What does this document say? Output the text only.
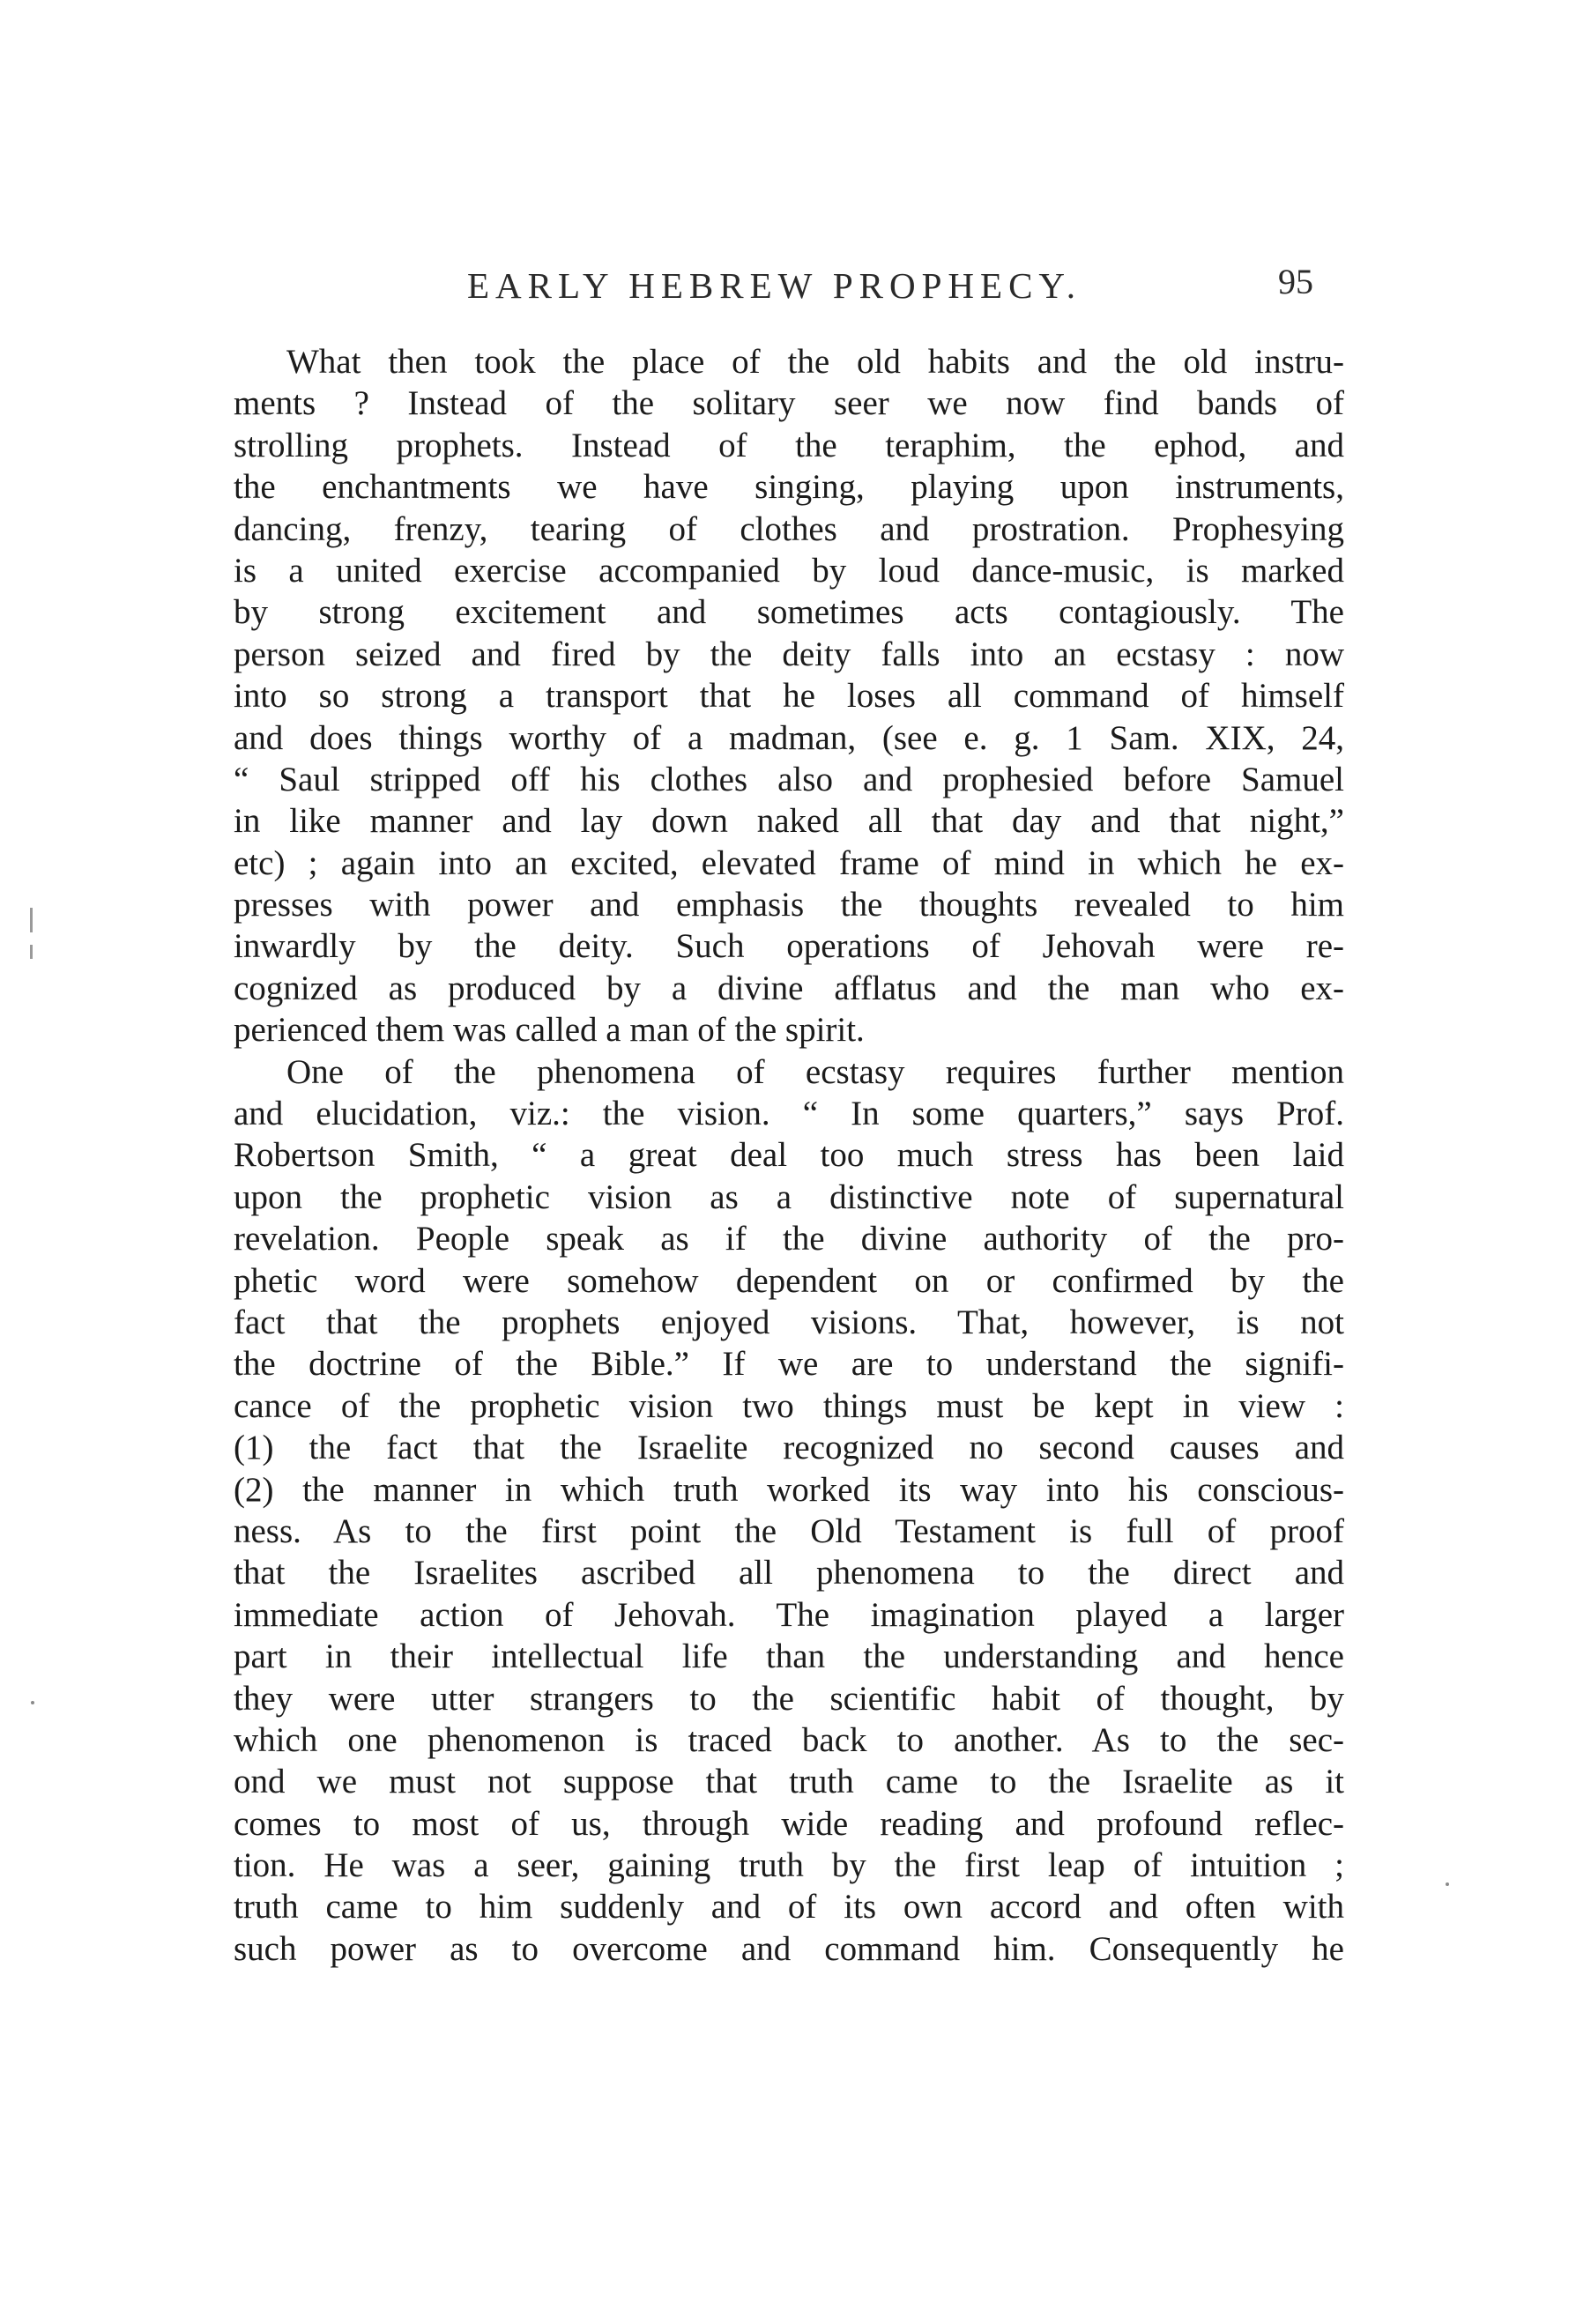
EARLY HEBREW PROPHECY.	95
What then took the place of the old habits and the old instru-
ments ? Instead of the solitary seer we now find bands of
strolling prophets. Instead of the teraphim, the ephod, and
the enchantments we have singing, playing upon instruments,
dancing, frenzy, tearing of clothes and prostration. Prophesying
is a united exercise accompanied by loud dance-music, is marked
by strong excitement and sometimes acts contagiously. The
person seized and fired by the deity falls into an ecstasy : now
into so strong a transport that he loses all command of himself
and does things worthy of a madman, (see e. g. 1 Sam. XIX, 24,
“ Saul stripped off his clothes also and prophesied before Samuel
in like manner and lay down naked all that day and that night,”
etc) ; again into an excited, elevated frame of mind in which he ex-
presses with power and emphasis the thoughts revealed to him
inwardly by the deity. Such operations of Jehovah were re-
cognized as produced by a divine afflatus and the man who ex-
perienced them was called a man of the spirit.
One of the phenomena of ecstasy requires further mention
and elucidation, viz.: the vision. “ In some quarters,” says Prof.
Robertson Smith, “ a great deal too much stress has been laid
upon the prophetic vision as a distinctive note of supernatural
revelation. People speak as if the divine authority of the pro-
phetic word were somehow dependent on or confirmed by the
fact that the prophets enjoyed visions. That, however, is not
the doctrine of the Bible.” If we are to understand the signifi-
cance of the prophetic vision two things must be kept in view :
(1) the fact that the Israelite recognized no second causes and
(2) the manner in which truth worked its way into his conscious-
ness. As to the first point the Old Testament is full of proof
that the Israelites ascribed all phenomena to the direct and
immediate action of Jehovah. The imagination played a larger
part in their intellectual life than the understanding and hence
they were utter strangers to the scientific habit of thought, by
which one phenomenon is traced back to another. As to the sec-
ond we must not suppose that truth came to the Israelite as it
comes to most of us, through wide reading and profound reflec-
tion. He was a seer, gaining truth by the first leap of intuition ;
truth came to him suddenly and of its own accord and often with
such power as to overcome and command him. Consequently he
